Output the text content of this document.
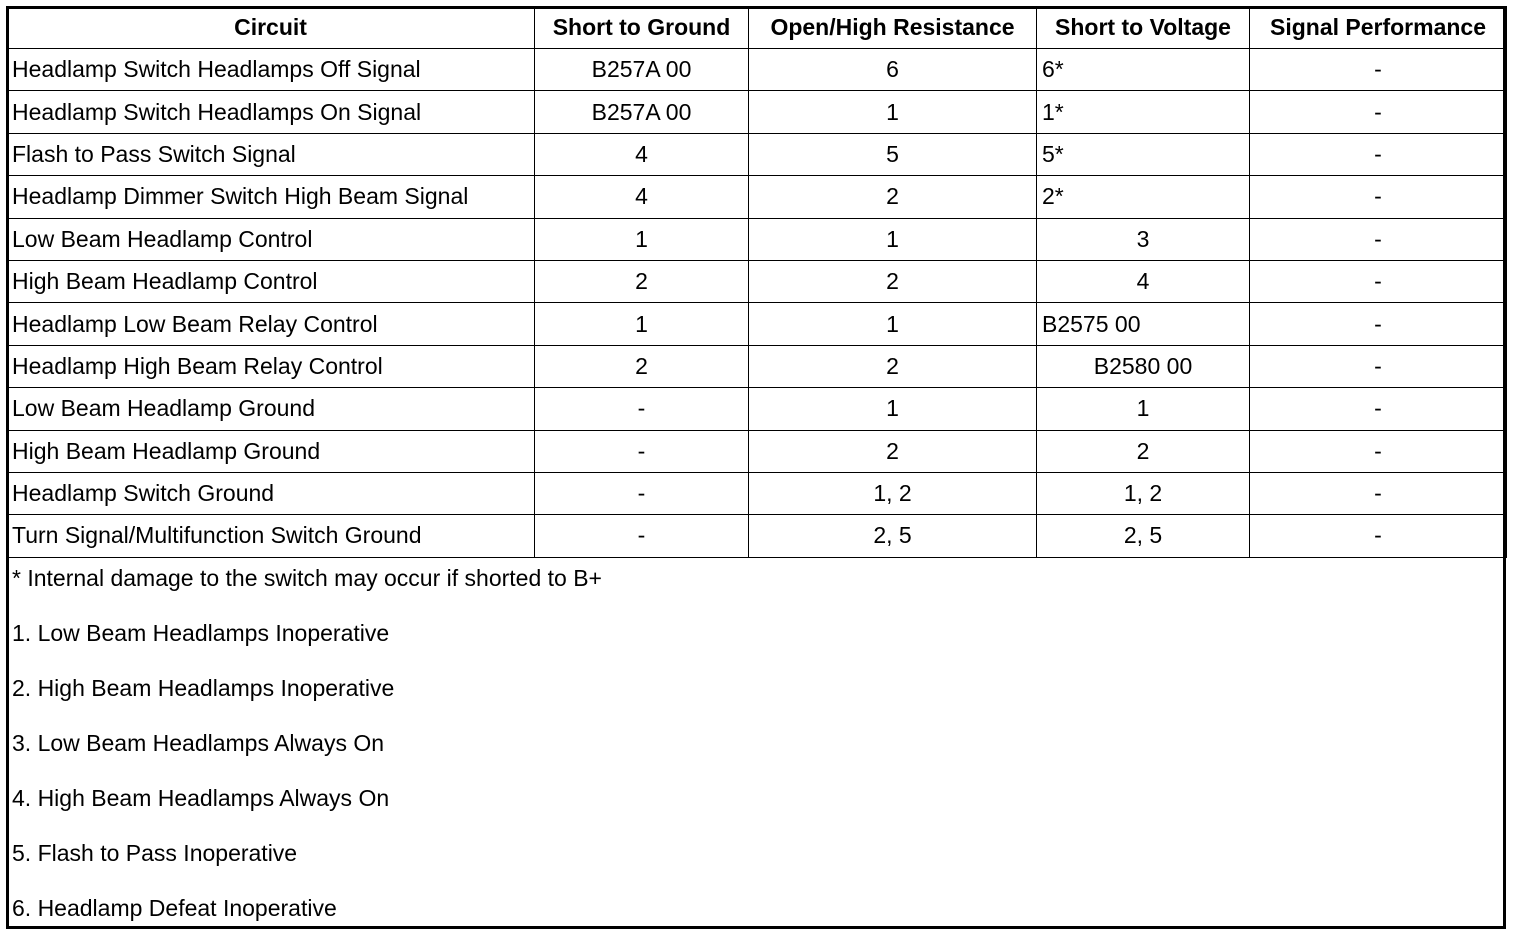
Circuit	Short to Ground	Open/High Resistance	Short to Voltage	Signal Performance
Headlamp Switch Headlamps Off Signal	B257A 00	6	6*	-
Headlamp Switch Headlamps On Signal	B257A 00	1	1*	-
Flash to Pass Switch Signal	4	5	5*	-
Headlamp Dimmer Switch High Beam Signal	4	2	2*	-
Low Beam Headlamp Control	1	1	3	-
High Beam Headlamp Control	2	2	4	-
Headlamp Low Beam Relay Control	1	1	B2575 00	-
Headlamp High Beam Relay Control	2	2	B2580 00	-
Low Beam Headlamp Ground	-	1	1	-
High Beam Headlamp Ground	-	2	2	-
Headlamp Switch Ground	-	1, 2	1, 2	-
Turn Signal/Multifunction Switch Ground	-	2, 5	2, 5	-
* Internal damage to the switch may occur if shorted to B+
1. Low Beam Headlamps Inoperative
2. High Beam Headlamps Inoperative
3. Low Beam Headlamps Always On
4. High Beam Headlamps Always On
5. Flash to Pass Inoperative
6. Headlamp Defeat Inoperative
